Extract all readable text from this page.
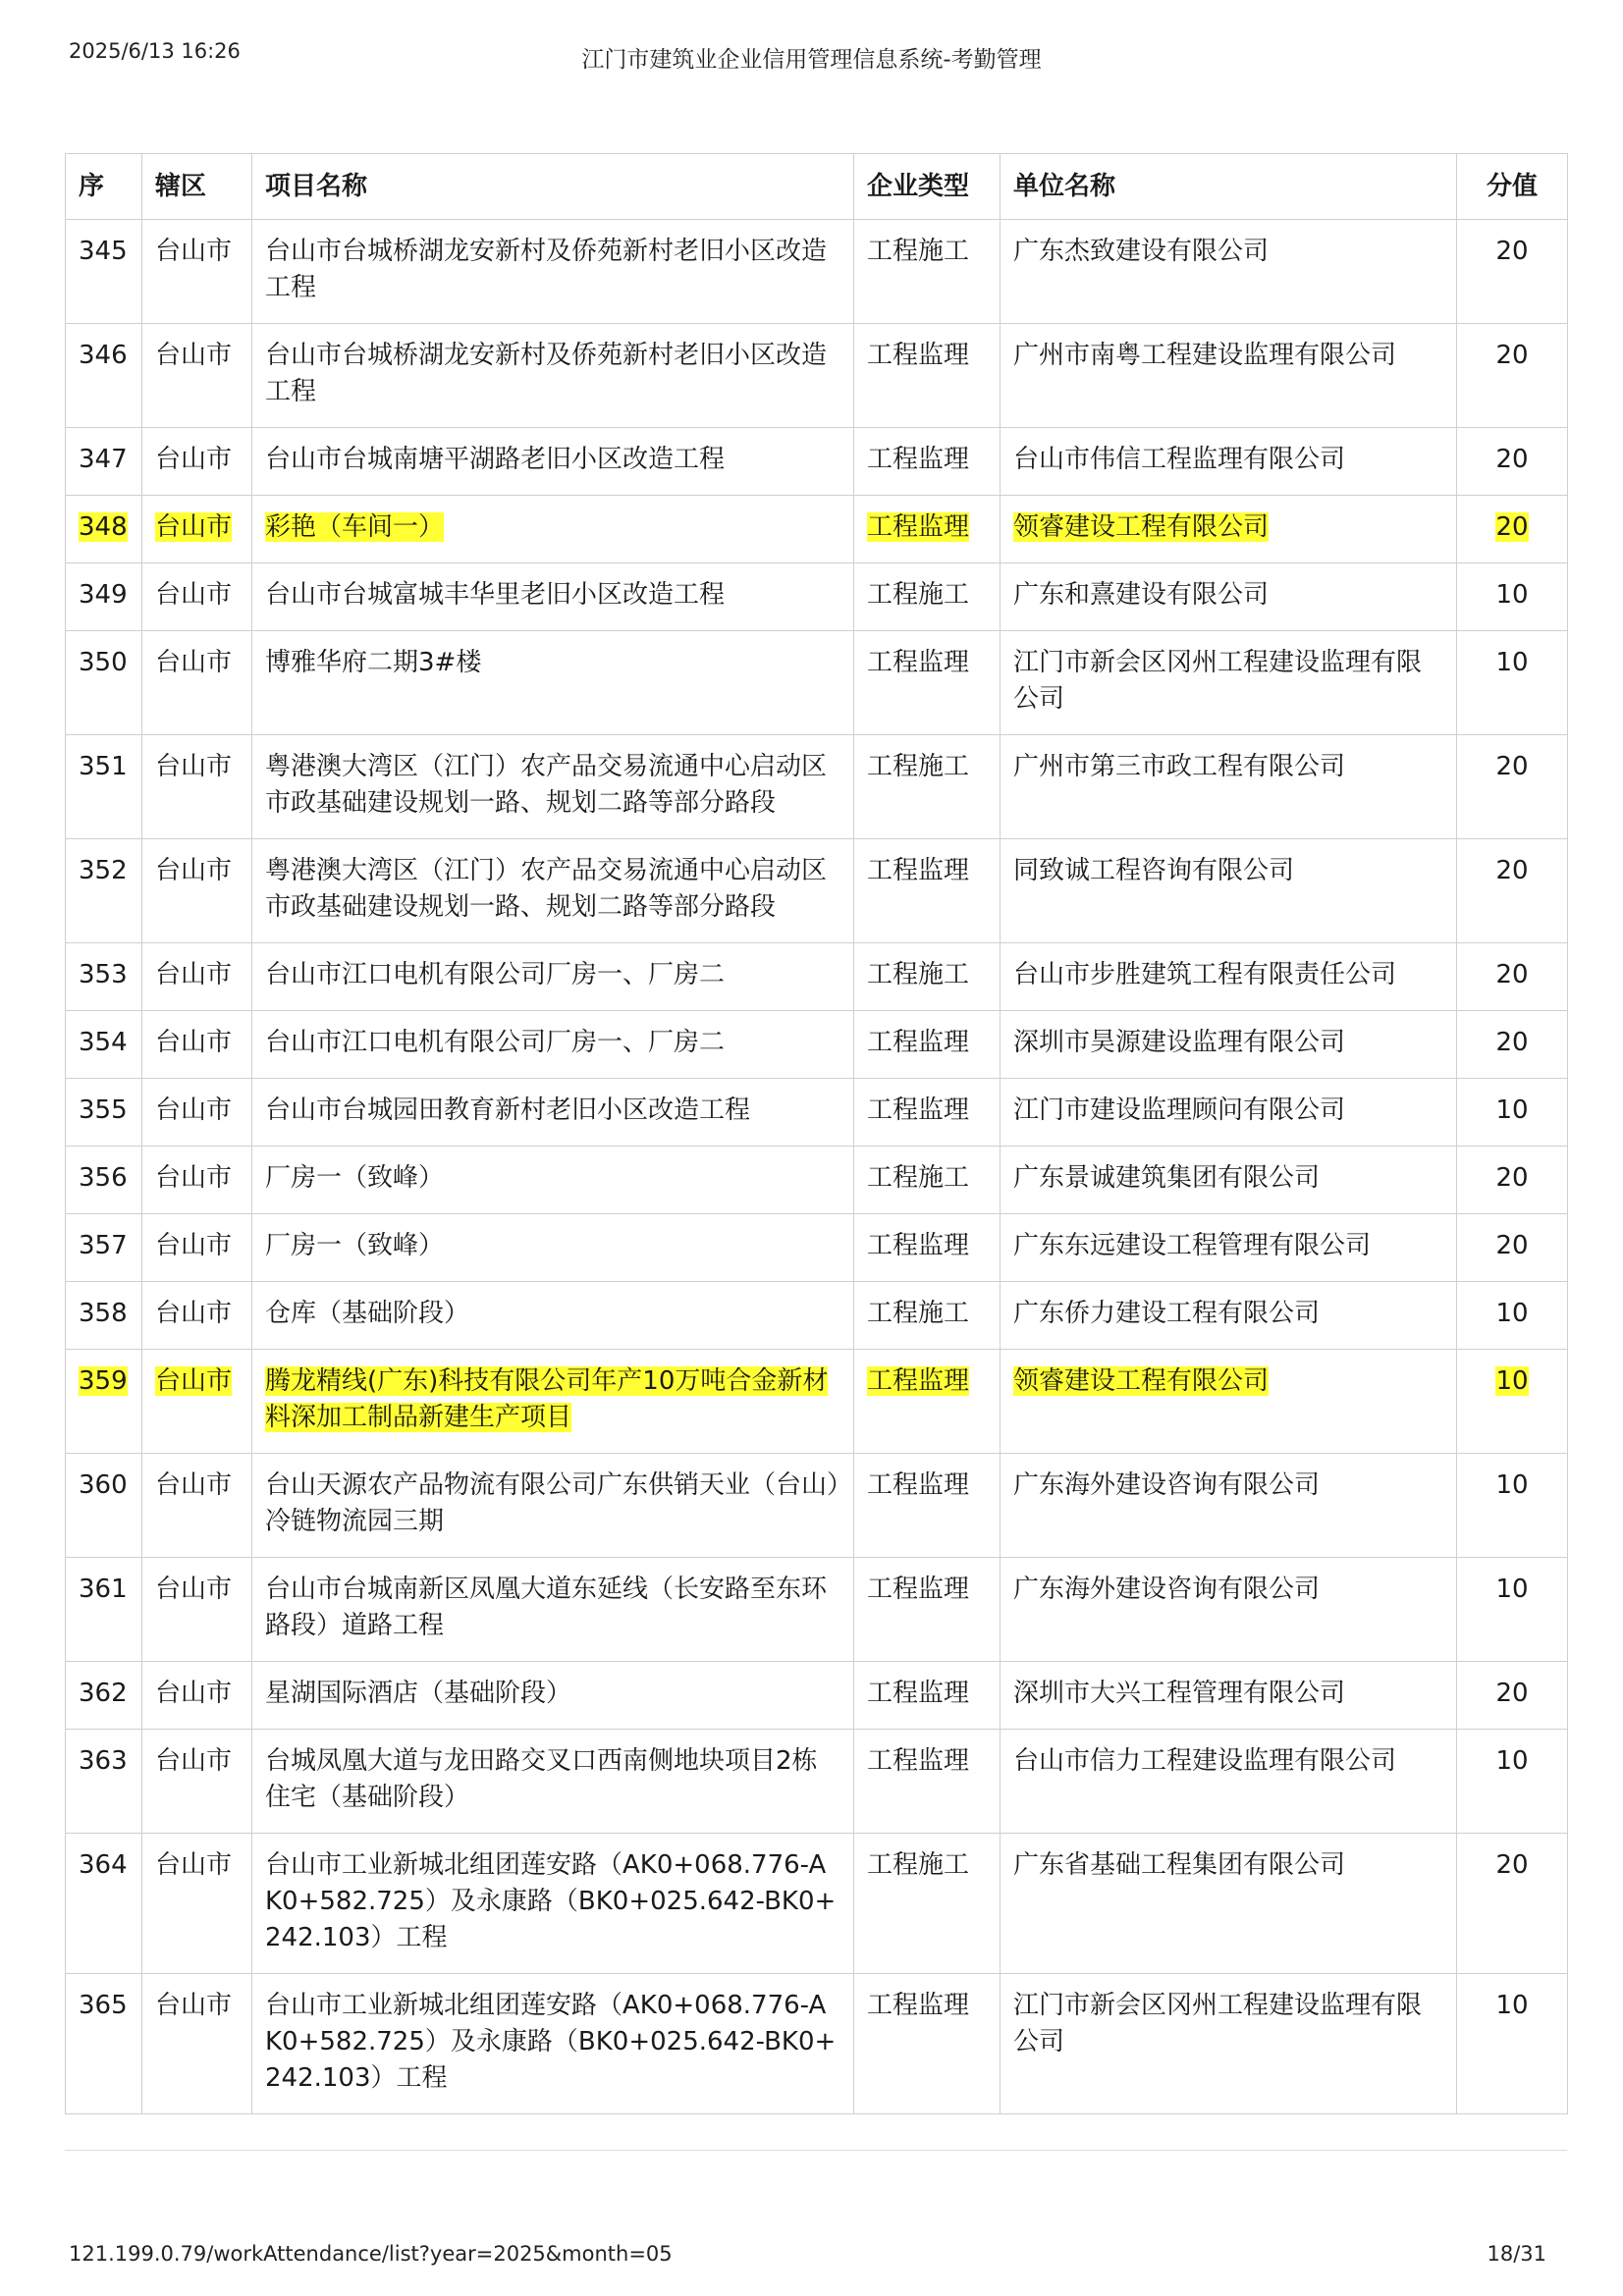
2025/6/13 16:26	江门市建筑业企业信用管理信息系统-考勤管理
序	辖区	项目名称	企业类型	单位名称	分值
345	台山市	台山市台城桥湖龙安新村及侨苑新村老旧小区改造工程	工程施工	广东杰致建设有限公司	20
346	台山市	台山市台城桥湖龙安新村及侨苑新村老旧小区改造工程	工程监理	广州市南粤工程建设监理有限公司	20
347	台山市	台山市台城南塘平湖路老旧小区改造工程	工程监理	台山市伟信工程监理有限公司	20
348	台山市	彩艳（车间一）	工程监理	领睿建设工程有限公司	20
349	台山市	台山市台城富城丰华里老旧小区改造工程	工程施工	广东和熹建设有限公司	10
350	台山市	博雅华府二期3#楼	工程监理	江门市新会区冈州工程建设监理有限公司	10
351	台山市	粤港澳大湾区（江门）农产品交易流通中心启动区市政基础建设规划一路、规划二路等部分路段	工程施工	广州市第三市政工程有限公司	20
352	台山市	粤港澳大湾区（江门）农产品交易流通中心启动区市政基础建设规划一路、规划二路等部分路段	工程监理	同致诚工程咨询有限公司	20
353	台山市	台山市江口电机有限公司厂房一、厂房二	工程施工	台山市步胜建筑工程有限责任公司	20
354	台山市	台山市江口电机有限公司厂房一、厂房二	工程监理	深圳市昊源建设监理有限公司	20
355	台山市	台山市台城园田教育新村老旧小区改造工程	工程监理	江门市建设监理顾问有限公司	10
356	台山市	厂房一（致峰）	工程施工	广东景诚建筑集团有限公司	20
357	台山市	厂房一（致峰）	工程监理	广东东远建设工程管理有限公司	20
358	台山市	仓库（基础阶段）	工程施工	广东侨力建设工程有限公司	10
359	台山市	腾龙精线(广东)科技有限公司年产10万吨合金新材料深加工制品新建生产项目	工程监理	领睿建设工程有限公司	10
360	台山市	台山天源农产品物流有限公司广东供销天业（台山）冷链物流园三期	工程监理	广东海外建设咨询有限公司	10
361	台山市	台山市台城南新区凤凰大道东延线（长安路至东环路段）道路工程	工程监理	广东海外建设咨询有限公司	10
362	台山市	星湖国际酒店（基础阶段）	工程监理	深圳市大兴工程管理有限公司	20
363	台山市	台城凤凰大道与龙田路交叉口西南侧地块项目2栋住宅（基础阶段）	工程监理	台山市信力工程建设监理有限公司	10
364	台山市	台山市工业新城北组团莲安路（AK0+068.776-AK0+582.725）及永康路（BK0+025.642-BK0+242.103）工程	工程施工	广东省基础工程集团有限公司	20
365	台山市	台山市工业新城北组团莲安路（AK0+068.776-AK0+582.725）及永康路（BK0+025.642-BK0+242.103）工程	工程监理	江门市新会区冈州工程建设监理有限公司	10
121.199.0.79/workAttendance/list?year=2025&month=05	18/31
